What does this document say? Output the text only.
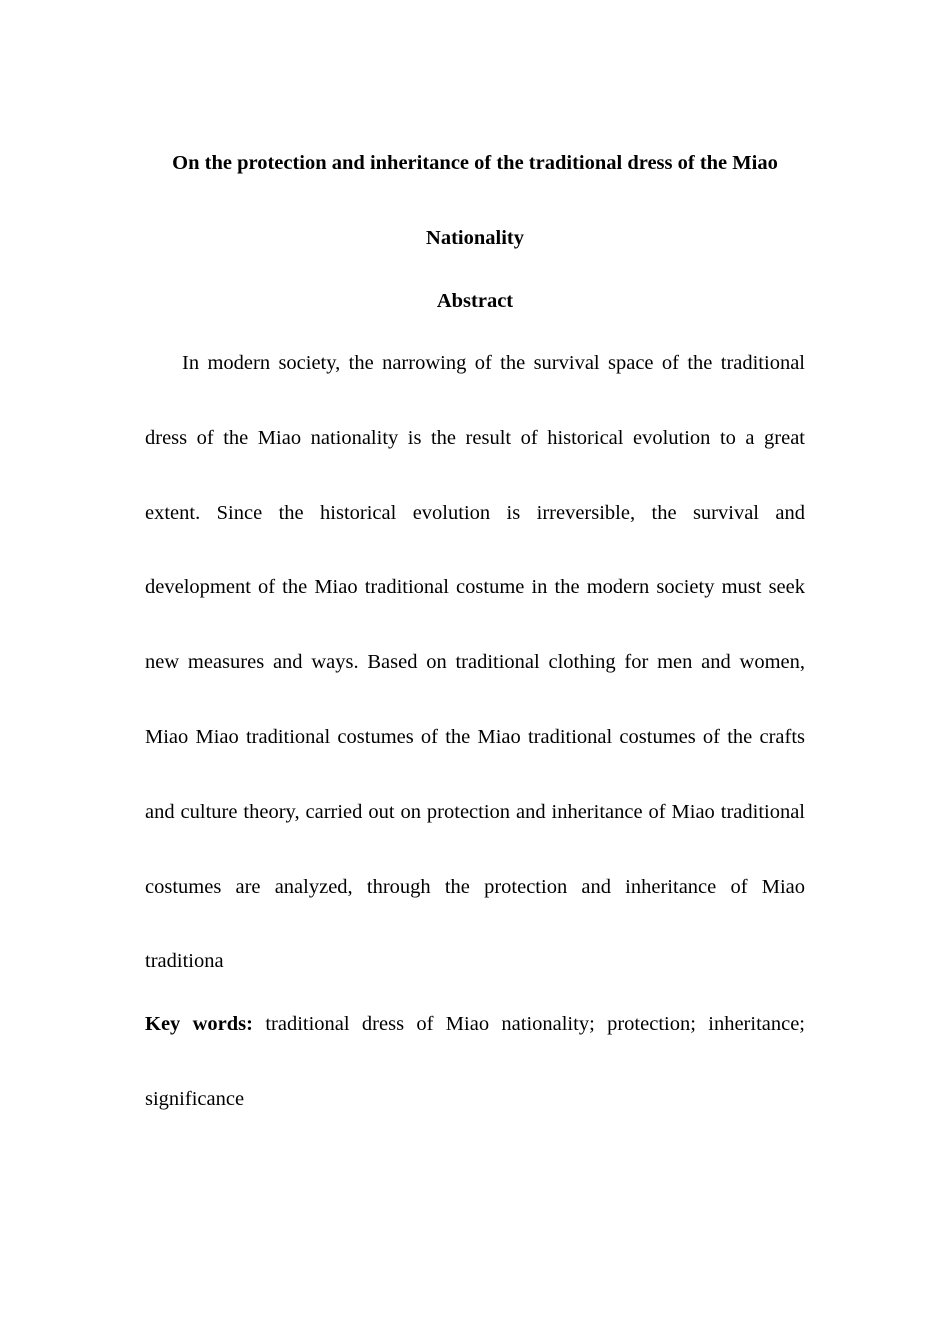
On the protection and inheritance of the traditional dress of the Miao
Nationality
Abstract

In modern society, the narrowing of the survival space of the traditional dress of the Miao nationality is the result of historical evolution to a great extent. Since the historical evolution is irreversible, the survival and development of the Miao traditional costume in the modern society must seek new measures and ways. Based on traditional clothing for men and women, Miao Miao traditional costumes of the Miao traditional costumes of the crafts and culture theory, carried out on protection and inheritance of Miao traditional costumes are analyzed, through the protection and inheritance of Miao traditiona

Key words: traditional dress of Miao nationality; protection; inheritance; significance
